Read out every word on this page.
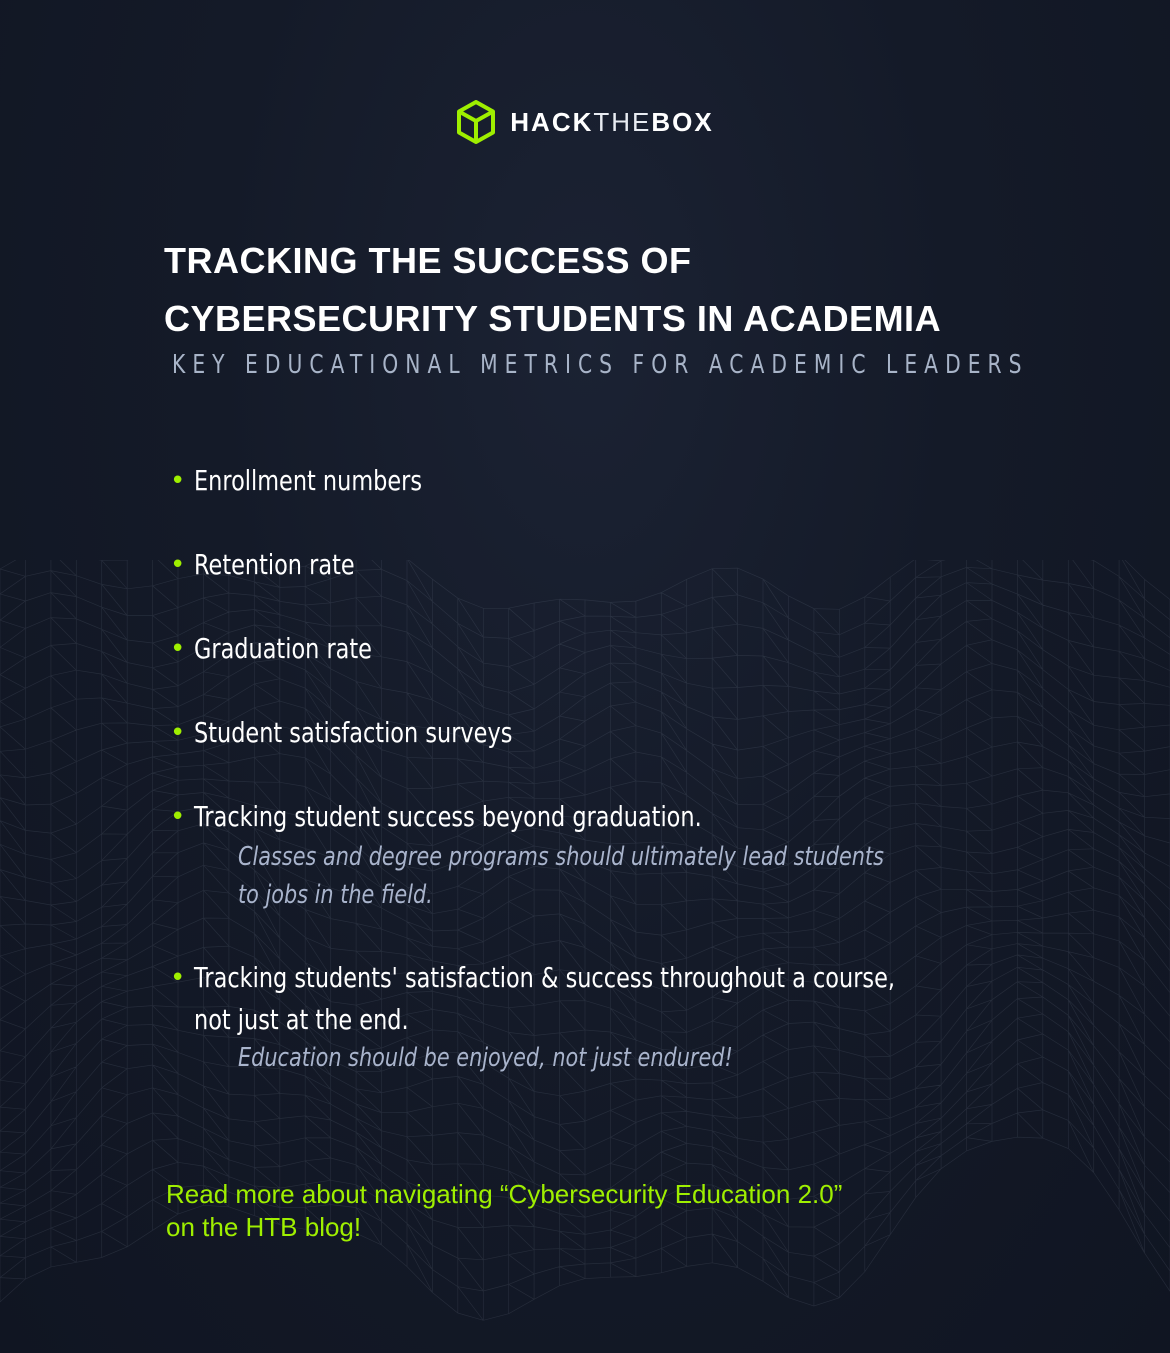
HACK THE BOX
TRACKING THE SUCCESS OF
CYBERSECURITY STUDENTS IN ACADEMIA
KEY EDUCATIONAL METRICS FOR ACADEMIC LEADERS
• Enrollment numbers
• Retention rate
• Graduation rate
• Student satisfaction surveys
• Tracking student success beyond graduation.
Classes and degree programs should ultimately lead students
to jobs in the field.
• Tracking students' satisfaction & success throughout a course,
not just at the end.
Education should be enjoyed, not just endured!
Read more about navigating “Cybersecurity Education 2.0”
on the HTB blog!
